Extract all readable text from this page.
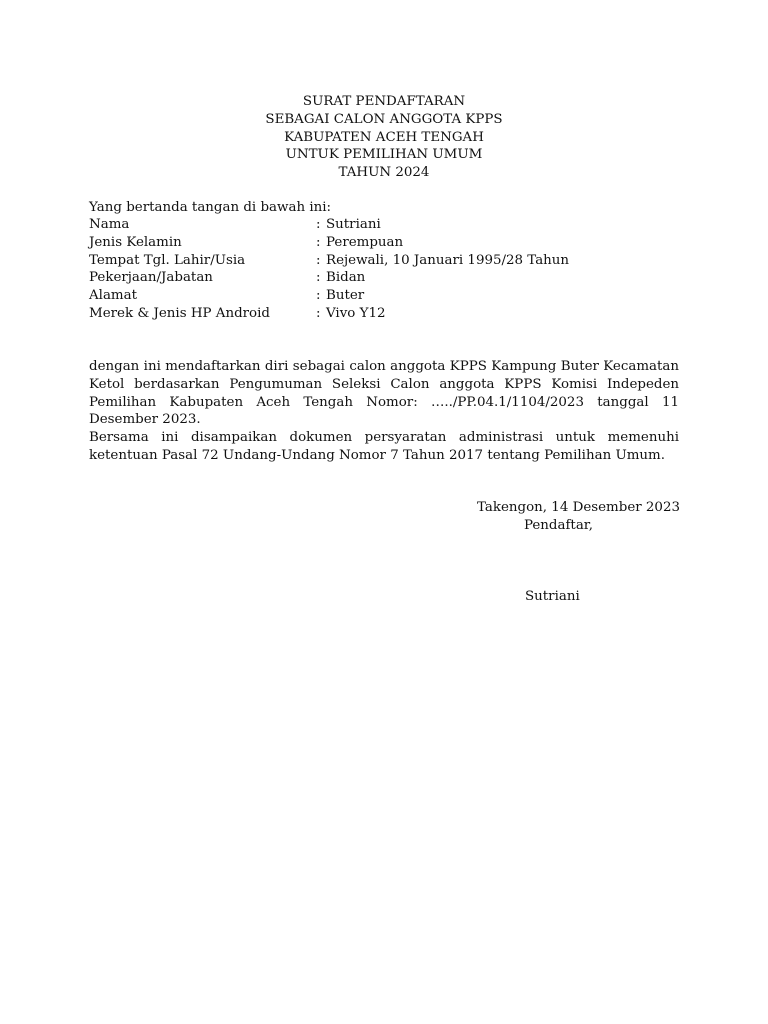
SURAT PENDAFTARAN
SEBAGAI CALON ANGGOTA KPPS
KABUPATEN ACEH TENGAH
UNTUK PEMILIHAN UMUM
TAHUN 2024
Yang bertanda tangan di bawah ini:
Nama	: Sutriani
Jenis Kelamin	: Perempuan
Tempat Tgl. Lahir/Usia	: Rejewali, 10 Januari 1995/28 Tahun
Pekerjaan/Jabatan	: Bidan
Alamat	: Buter
Merek & Jenis HP Android	: Vivo Y12

dengan ini mendaftarkan diri sebagai calon anggota KPPS Kampung Buter Kecamatan Ketol berdasarkan Pengumuman Seleksi Calon anggota KPPS Komisi Indepeden Pemilihan Kabupaten Aceh Tengah Nomor: …../PP.04.1/1104/2023 tanggal 11 Desember 2023.

Bersama ini disampaikan dokumen persyaratan administrasi untuk memenuhi ketentuan Pasal 72 Undang-Undang Nomor 7 Tahun 2017 tentang Pemilihan Umum.

Takengon, 14 Desember 2023
Pendaftar,
Sutriani
